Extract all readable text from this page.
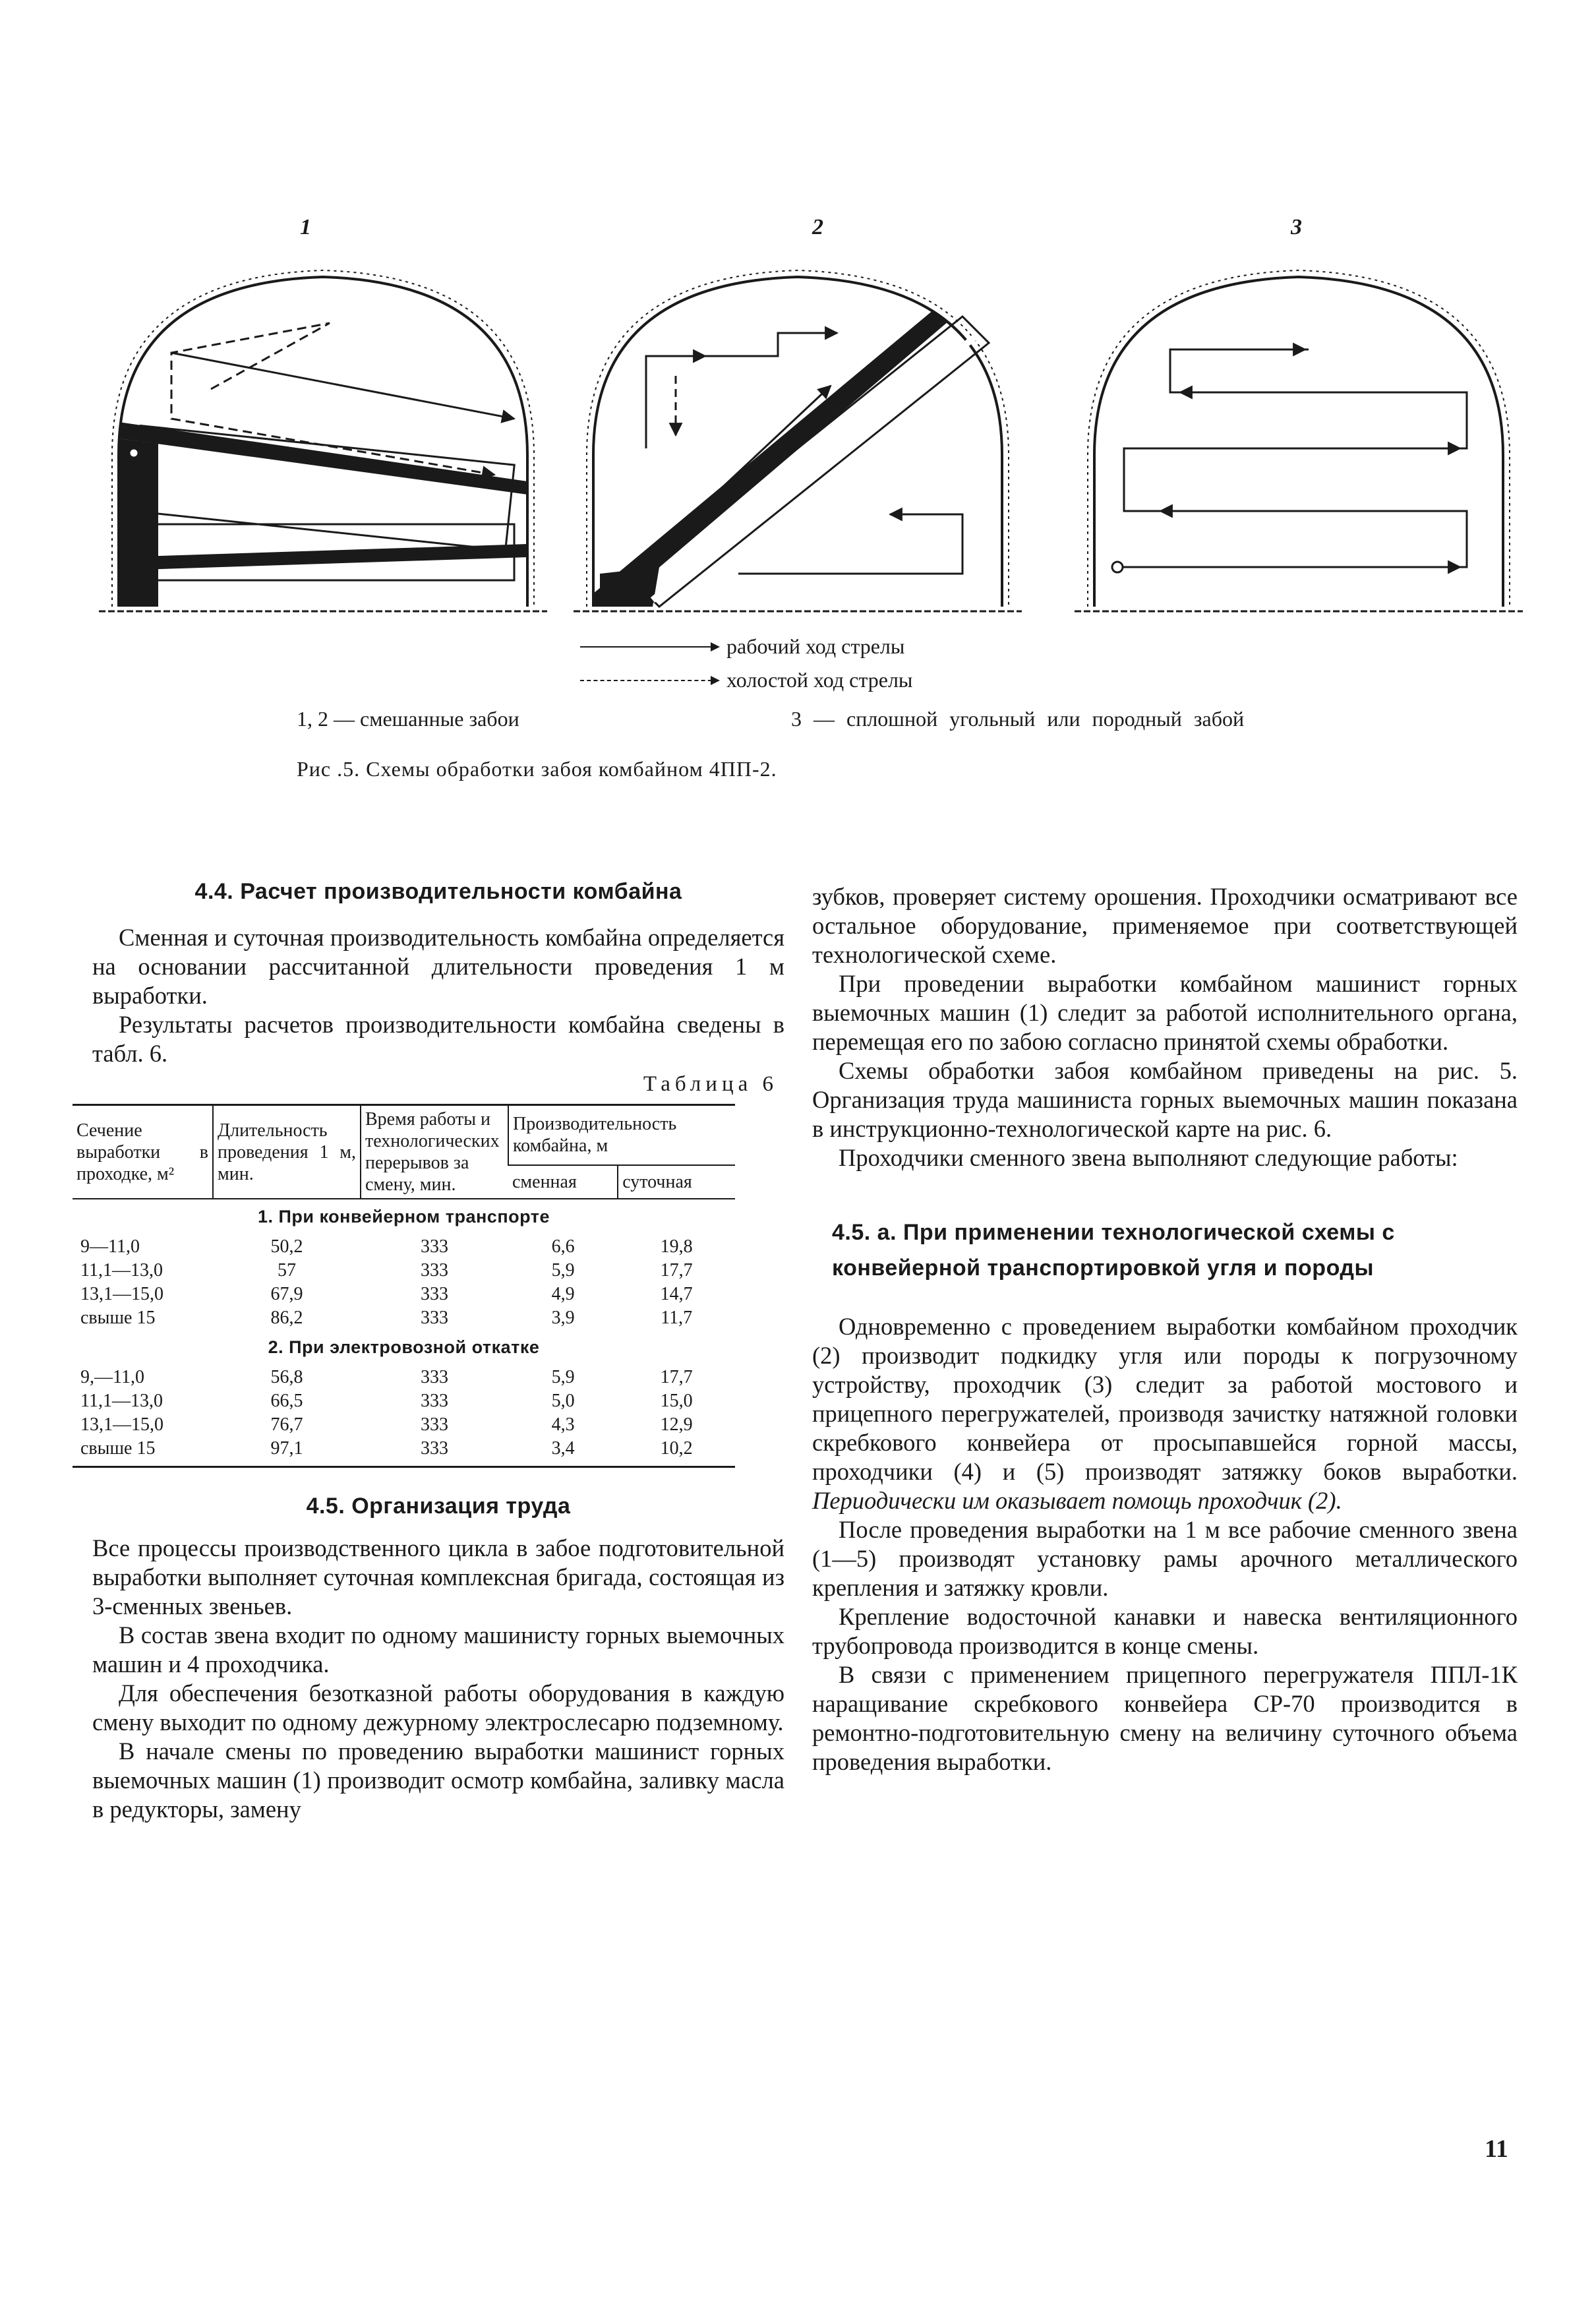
1	2	3
рабочий ход стрелы
холостой ход стрелы
1, 2 — смешанные забои	3 — сплошной угольный или породный забой
Рис .5. Схемы обработки забоя комбайном 4ПП-2.
4.4. Расчет производительности комбайна

Сменная и суточная производительность комбайна определяется на основании рассчитанной длительности проведения 1 м выработки.

Результаты расчетов производительности комбайна сведены в табл. 6.

Таблица 6
Сечение выработки в проходке, м²	Длительность проведения 1 м, мин.	Время работы и технологических перерывов за смену, мин.	Производительность комбайна, м	
			сменная	суточная
1. При конвейерном транспорте				
9—11,0	50,2	333	6,6	19,8
11,1—13,0	57	333	5,9	17,7
13,1—15,0	67,9	333	4,9	14,7
свыше 15	86,2	333	3,9	11,7
2. При электровозной откатке				
9,—11,0	56,8	333	5,9	17,7
11,1—13,0	66,5	333	5,0	15,0
13,1—15,0	76,7	333	4,3	12,9
свыше 15	97,1	333	3,4	10,2
4.5. Организация труда

Все процессы производственного цикла в забое подготовительной выработки выполняет суточная комплексная бригада, состоящая из 3-сменных звеньев.

В состав звена входит по одному машинисту горных выемочных машин и 4 проходчика.

Для обеспечения безотказной работы оборудования в каждую смену выходит по одному дежурному электрослесарю подземному.

В начале смены по проведению выработки машинист горных выемочных машин (1) производит осмотр комбайна, заливку масла в редукторы, замену

зубков, проверяет систему орошения. Проходчики осматривают все остальное оборудование, применяемое при соответствующей технологической схеме.

При проведении выработки комбайном машинист горных выемочных машин (1) следит за работой исполнительного органа, перемещая его по забою согласно принятой схемы обработки.

Схемы обработки забоя комбайном приведены на рис. 5. Организация труда машиниста горных выемочных машин показана в инструкционно-технологической карте на рис. 6.

Проходчики сменного звена выполняют следующие работы:

4.5. а. При применении технологической схемы с конвейерной транспортировкой угля и породы

Одновременно с проведением выработки комбайном проходчик (2) производит подкидку угля или породы к погрузочному устройству, проходчик (3) следит за работой мостового и прицепного перегружателей, производя зачистку натяжной головки скребкового конвейера от просыпавшейся горной массы, проходчики (4) и (5) производят затяжку боков выработки. Периодически им оказывает помощь проходчик (2).

После проведения выработки на 1 м все рабочие сменного звена (1—5) производят установку рамы арочного металлического крепления и затяжку кровли.

Крепление водосточной канавки и навеска вентиляционного трубопровода производится в конце смены.

В связи с применением прицепного перегружателя ППЛ-1К наращивание скребкового конвейера СР-70 производится в ремонтно-подготовительную смену на величину суточного объема проведения выработки.

11
